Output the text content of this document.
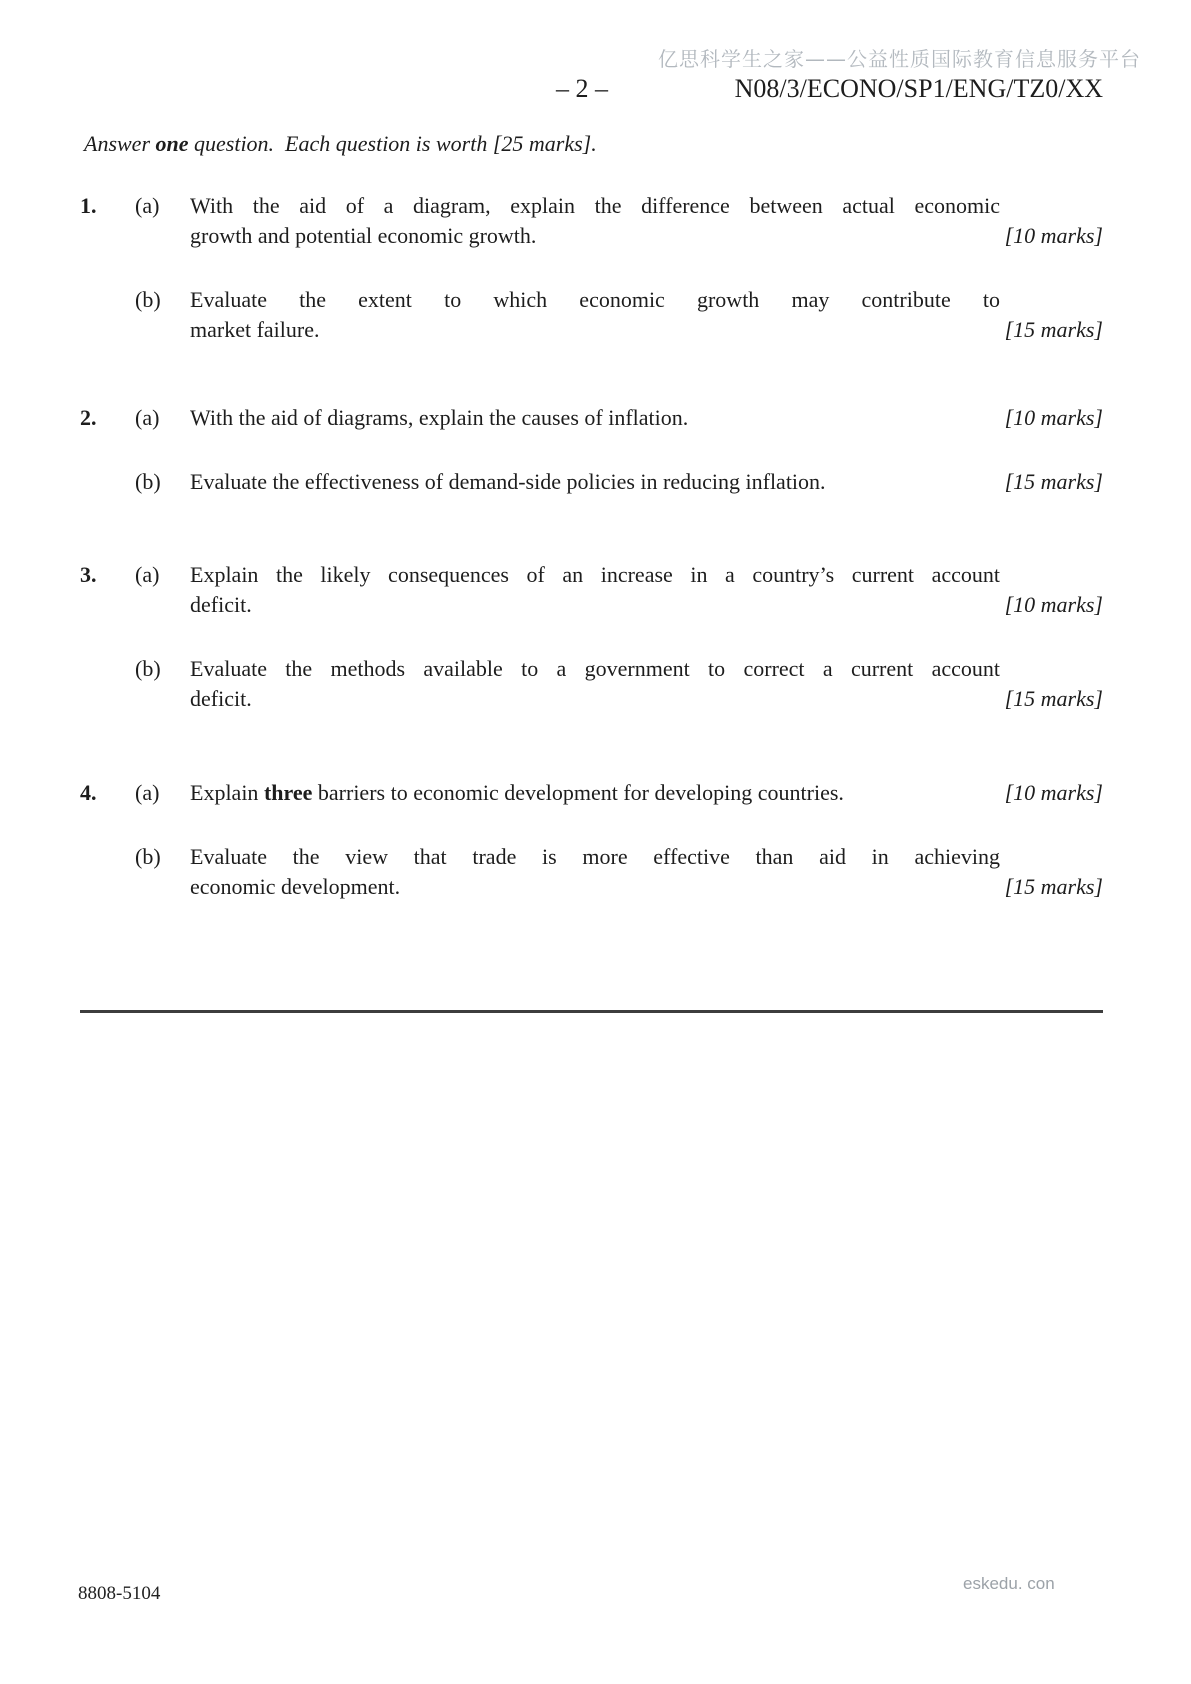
亿思科学生之家——公益性质国际教育信息服务平台
– 2 –	N08/3/ECONO/SP1/ENG/TZ0/XX
Answer one question.  Each question is worth [25 marks].
1. (a) With the aid of a diagram, explain the difference between actual economic
growth and potential economic growth.	[10 marks]
(b) Evaluate the extent to which economic growth may contribute to
market failure.	[15 marks]
2. (a) With the aid of diagrams, explain the causes of inflation.	[10 marks]
(b) Evaluate the effectiveness of demand-side policies in reducing inflation.	[15 marks]
3. (a) Explain the likely consequences of an increase in a country’s current account
deficit.	[10 marks]
(b) Evaluate the methods available to a government to correct a current account
deficit.	[15 marks]
4. (a) Explain three barriers to economic development for developing countries.	[10 marks]
(b) Evaluate the view that trade is more effective than aid in achieving
economic development.	[15 marks]
8808-5104	eskedu. con
